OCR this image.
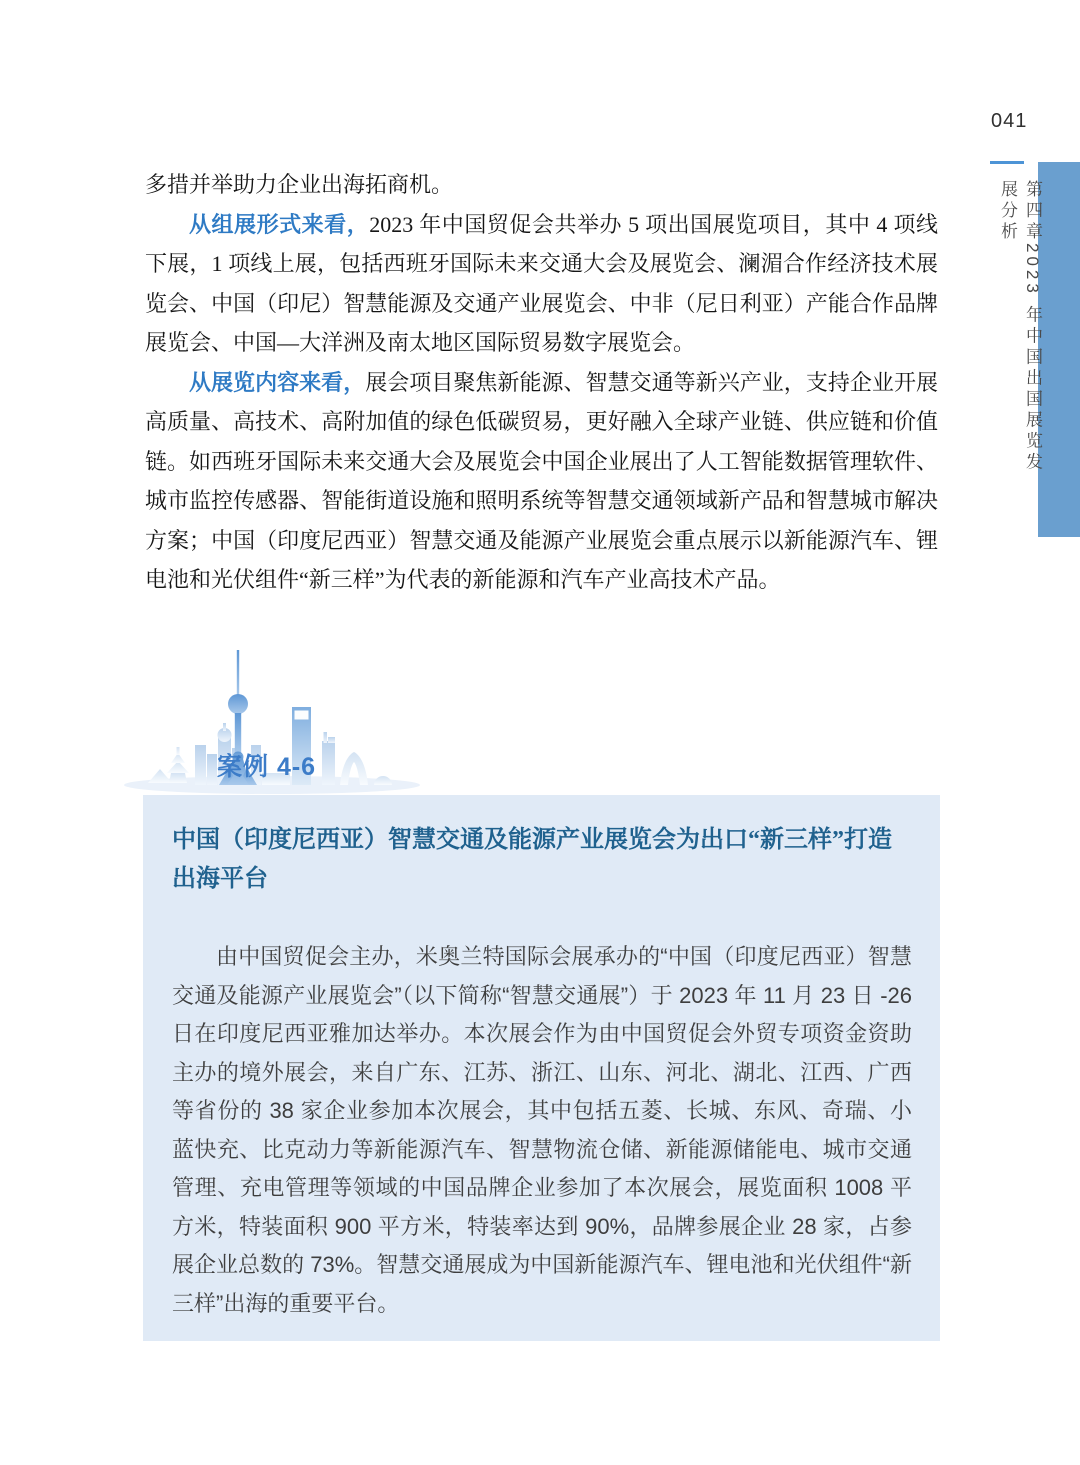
多措并举助力企业出海拓商机。

从组展形式来看，2023 年中国贸促会共举办 5 项出国展览项目，其中 4 项线下展，1 项线上展，包括西班牙国际未来交通大会及展览会、澜湄合作经济技术展览会、中国（印尼）智慧能源及交通产业展览会、中非（尼日利亚）产能合作品牌展览会、中国—大洋洲及南太地区国际贸易数字展览会。

从展览内容来看，展会项目聚焦新能源、智慧交通等新兴产业，支持企业开展高质量、高技术、高附加值的绿色低碳贸易，更好融入全球产业链、供应链和价值链。如西班牙国际未来交通大会及展览会中国企业展出了人工智能数据管理软件、城市监控传感器、智能街道设施和照明系统等智慧交通领域新产品和智慧城市解决方案；中国（印度尼西亚）智慧交通及能源产业展览会重点展示以新能源汽车、锂电池和光伏组件“新三样”为代表的新能源和汽车产业高技术产品。

案例 4-6
中国（印度尼西亚）智慧交通及能源产业展览会为出口“新三样”打造出海平台

由中国贸促会主办，米奥兰特国际会展承办的“中国（印度尼西亚）智慧交通及能源产业展览会”（以下简称“智慧交通展”）于 2023 年 11 月 23 日 -26 日在印度尼西亚雅加达举办。本次展会作为由中国贸促会外贸专项资金资助主办的境外展会，来自广东、江苏、浙江、山东、河北、湖北、江西、广西等省份的 38 家企业参加本次展会，其中包括五菱、长城、东风、奇瑞、小蓝快充、比克动力等新能源汽车、智慧物流仓储、新能源储能电、城市交通管理、充电管理等领域的中国品牌企业参加了本次展会，展览面积 1008 平方米，特装面积 900 平方米，特装率达到 90%，品牌参展企业 28 家，占参展企业总数的 73%。智慧交通展成为中国新能源汽车、锂电池和光伏组件“新三样”出海的重要平台。

041
第四章2023 年中国出国展览发展分析
